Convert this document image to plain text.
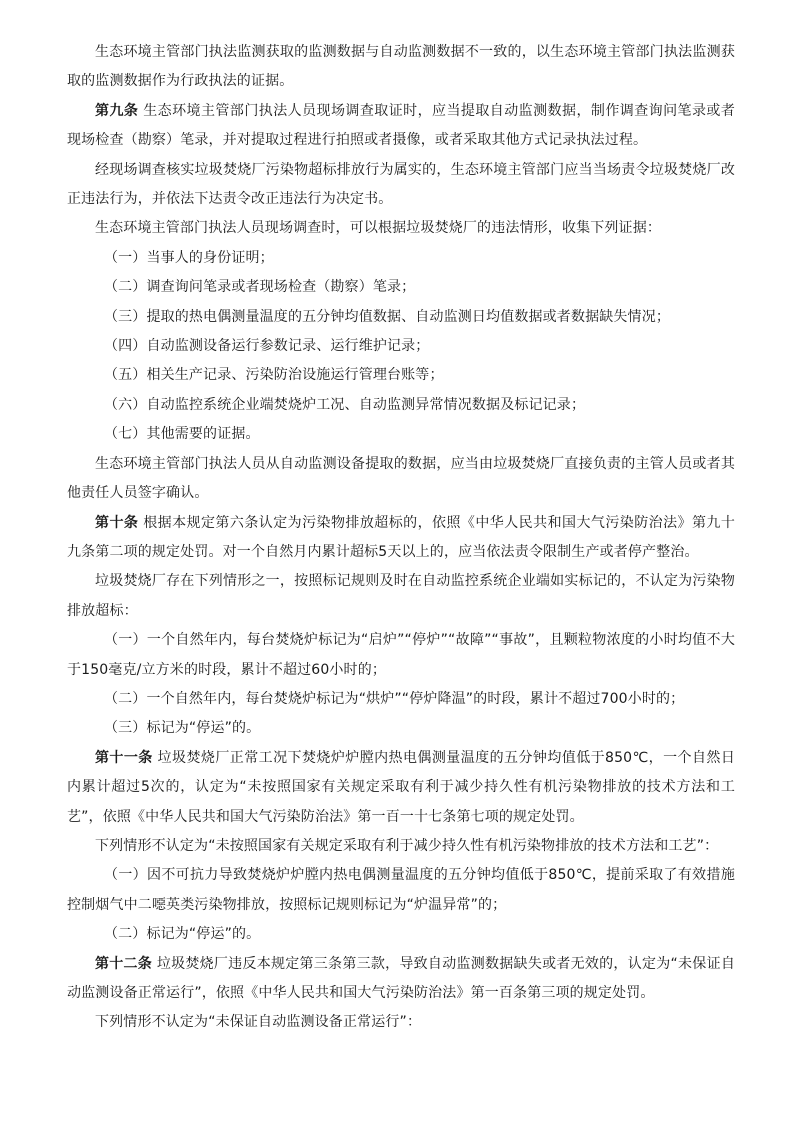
生态环境主管部门执法监测获取的监测数据与自动监测数据不一致的，以生态环境主管部门执法监测获取的监测数据作为行政执法的证据。

第九条 生态环境主管部门执法人员现场调查取证时，应当提取自动监测数据，制作调查询问笔录或者现场检查（勘察）笔录，并对提取过程进行拍照或者摄像，或者采取其他方式记录执法过程。

经现场调查核实垃圾焚烧厂污染物超标排放行为属实的，生态环境主管部门应当当场责令垃圾焚烧厂改正违法行为，并依法下达责令改正违法行为决定书。

生态环境主管部门执法人员现场调查时，可以根据垃圾焚烧厂的违法情形，收集下列证据：

（一）当事人的身份证明；

（二）调查询问笔录或者现场检查（勘察）笔录；

（三）提取的热电偶测量温度的五分钟均值数据、自动监测日均值数据或者数据缺失情况；

（四）自动监测设备运行参数记录、运行维护记录；

（五）相关生产记录、污染防治设施运行管理台账等；

（六）自动监控系统企业端焚烧炉工况、自动监测异常情况数据及标记记录；

（七）其他需要的证据。

生态环境主管部门执法人员从自动监测设备提取的数据，应当由垃圾焚烧厂直接负责的主管人员或者其他责任人员签字确认。

第十条 根据本规定第六条认定为污染物排放超标的，依照《中华人民共和国大气污染防治法》第九十九条第二项的规定处罚。对一个自然月内累计超标5天以上的，应当依法责令限制生产或者停产整治。

垃圾焚烧厂存在下列情形之一，按照标记规则及时在自动监控系统企业端如实标记的，不认定为污染物排放超标：

（一）一个自然年内，每台焚烧炉标记为“启炉”“停炉”“故障”“事故”，且颗粒物浓度的小时均值不大于150毫克/立方米的时段，累计不超过60小时的；

（二）一个自然年内，每台焚烧炉标记为“烘炉”“停炉降温”的时段，累计不超过700小时的；

（三）标记为“停运”的。

第十一条 垃圾焚烧厂正常工况下焚烧炉炉膛内热电偶测量温度的五分钟均值低于850℃，一个自然日内累计超过5次的，认定为“未按照国家有关规定采取有利于减少持久性有机污染物排放的技术方法和工艺”，依照《中华人民共和国大气污染防治法》第一百一十七条第七项的规定处罚。

下列情形不认定为“未按照国家有关规定采取有利于减少持久性有机污染物排放的技术方法和工艺”：

（一）因不可抗力导致焚烧炉炉膛内热电偶测量温度的五分钟均值低于850℃，提前采取了有效措施控制烟气中二噁英类污染物排放，按照标记规则标记为“炉温异常”的；

（二）标记为“停运”的。

第十二条 垃圾焚烧厂违反本规定第三条第三款，导致自动监测数据缺失或者无效的，认定为“未保证自动监测设备正常运行”，依照《中华人民共和国大气污染防治法》第一百条第三项的规定处罚。

下列情形不认定为“未保证自动监测设备正常运行”：
